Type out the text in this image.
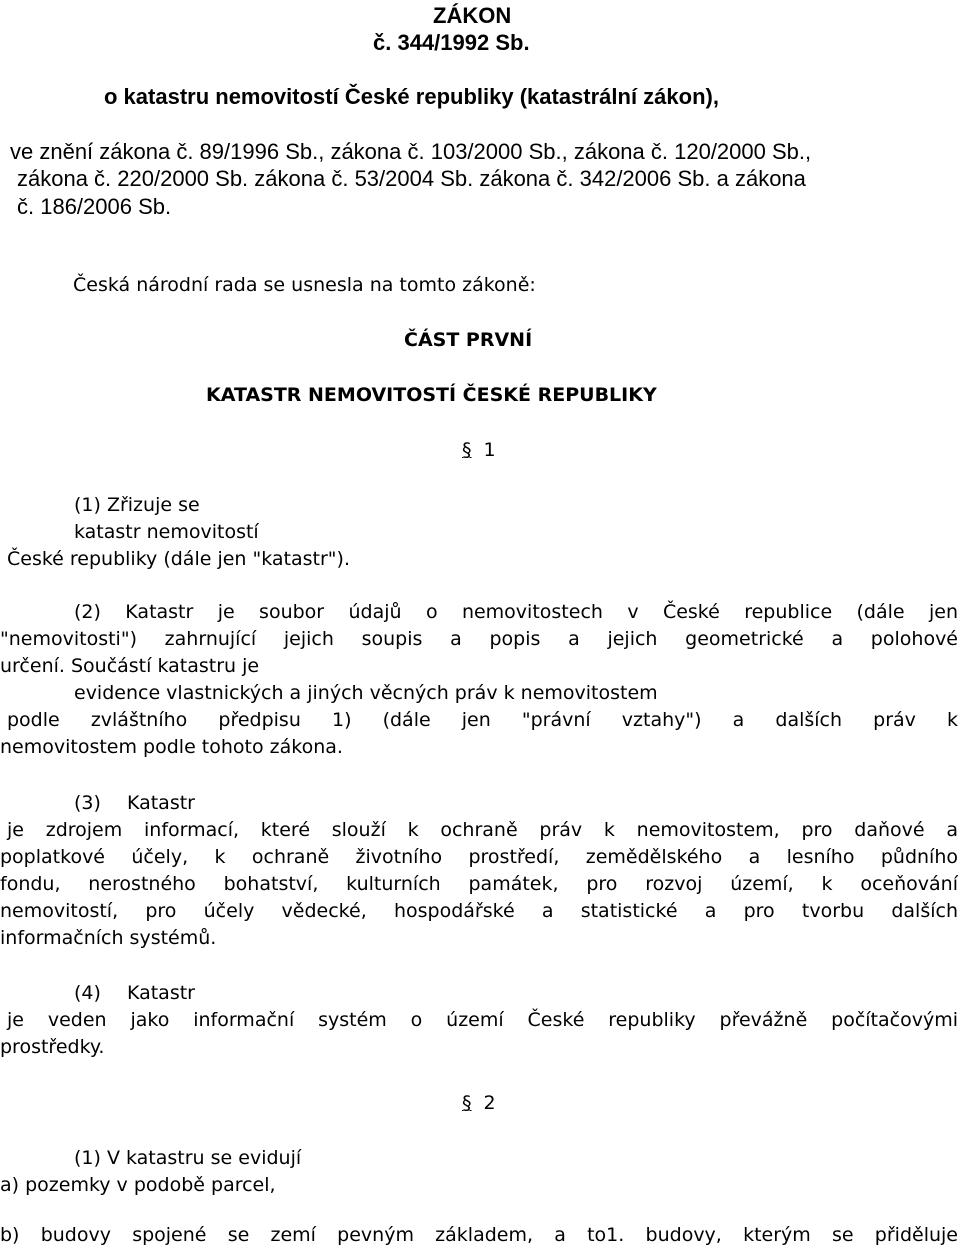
ZÁKON
č. 344/1992 Sb.
o katastru nemovitostí České republiky (katastrální zákon),
ve znění zákona č. 89/1996 Sb., zákona č. 103/2000 Sb., zákona č. 120/2000 Sb.,
zákona č. 220/2000 Sb. zákona č. 53/2004 Sb. zákona č. 342/2006 Sb. a zákona
č. 186/2006 Sb.
Česká národní rada se usnesla na tomto zákoně:
ČÁST PRVNÍ
KATASTR NEMOVITOSTÍ ČESKÉ REPUBLIKY
§ 1
(1) Zřizuje se
katastr nemovitostí
České republiky (dále jen "katastr").
(2) Katastr je soubor údajů o nemovitostech v České republice (dále jen
"nemovitosti") zahrnující jejich soupis a popis a jejich geometrické a polohové
určení. Součástí katastru je
evidence vlastnických a jiných věcných práv k nemovitostem
podle zvláštního předpisu 1) (dále jen "právní vztahy") a dalších práv k
nemovitostem podle tohoto zákona.
(3) Katastr
je zdrojem informací, které slouží k ochraně práv k nemovitostem, pro daňové a
poplatkové účely, k ochraně životního prostředí, zemědělského a lesního půdního
fondu, nerostného bohatství, kulturních památek, pro rozvoj území, k oceňování
nemovitostí, pro účely vědecké, hospodářské a statistické a pro tvorbu dalších
informačních systémů.
(4) Katastr
je veden jako informační systém o území České republiky převážně počítačovými
prostředky.
§ 2
(1) V katastru se evidují
a) pozemky v podobě parcel,
b) budovy spojené se zemí pevným základem, a to1. budovy, kterým se přiděluje
